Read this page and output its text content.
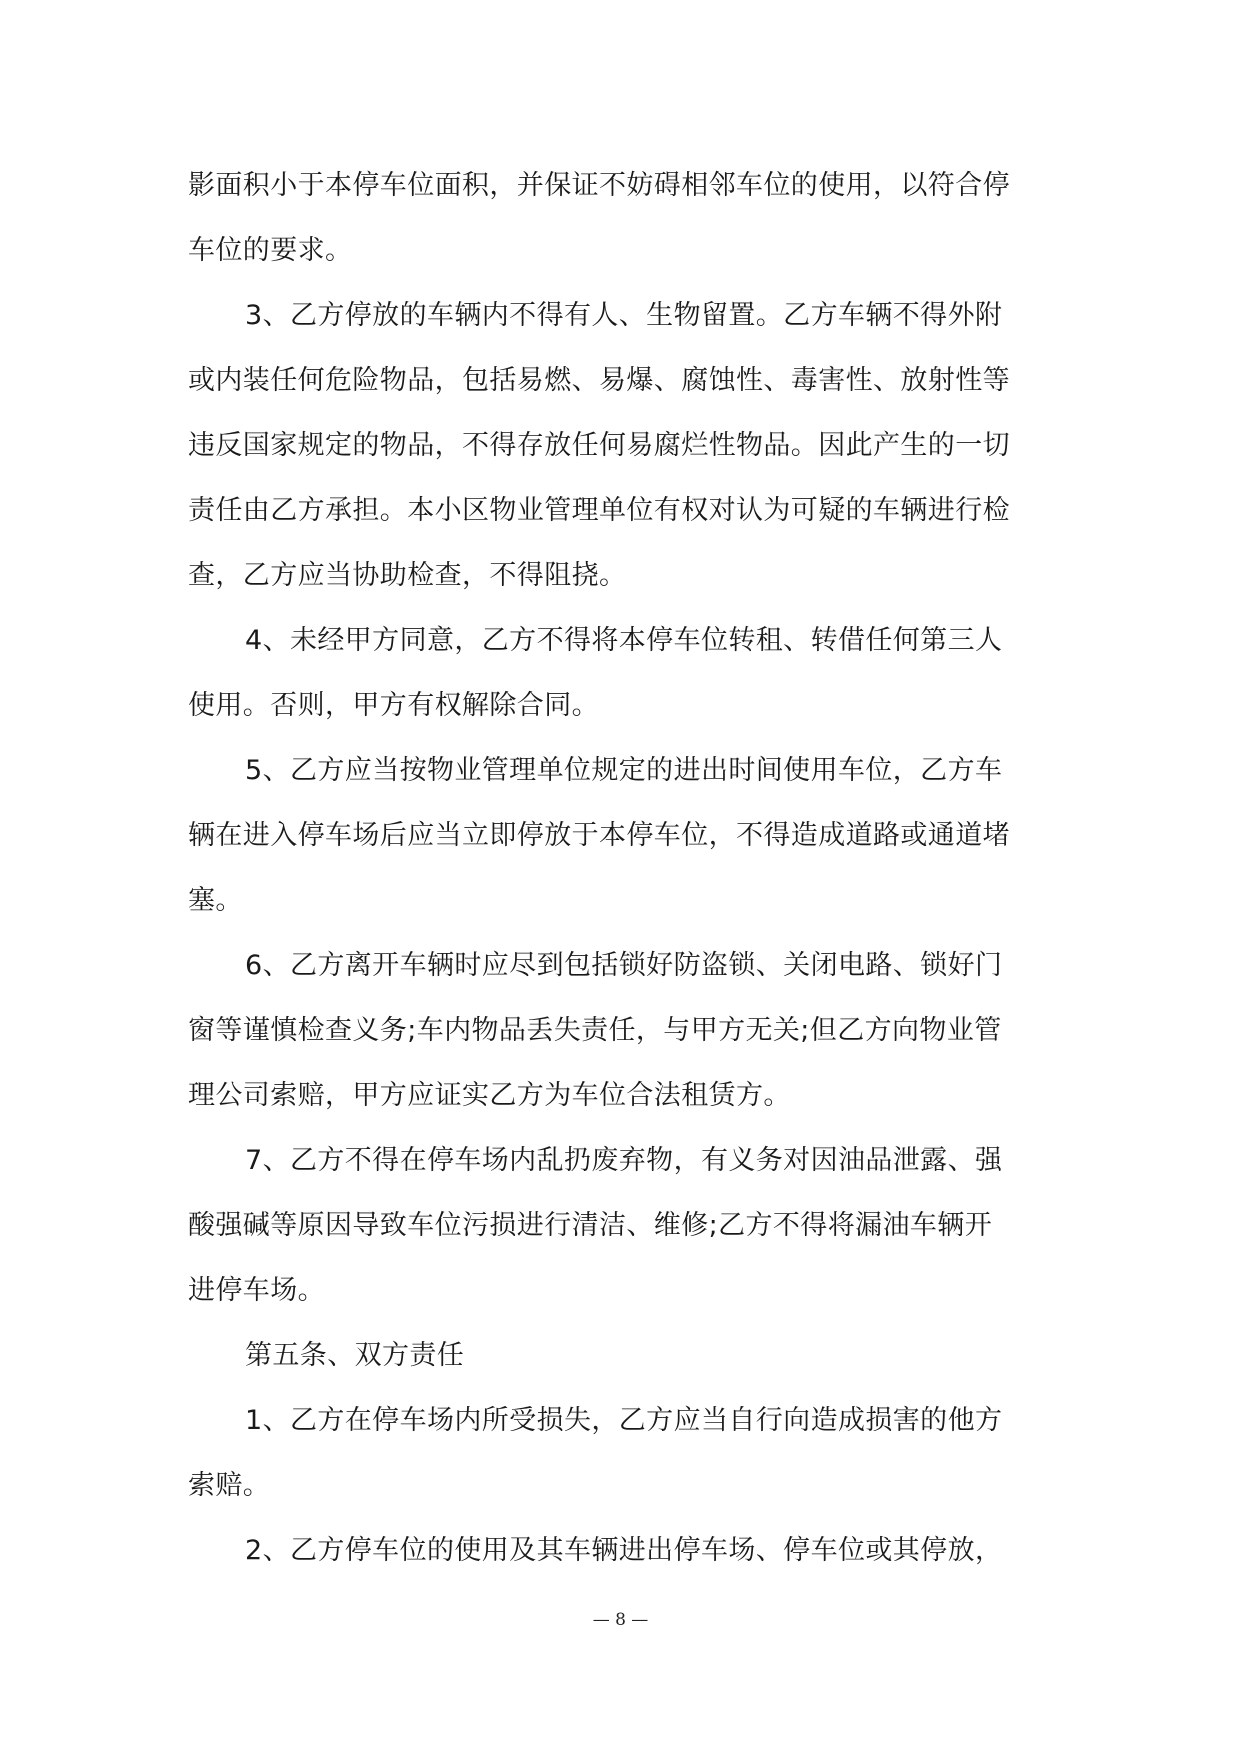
影面积小于本停车位面积，并保证不妨碍相邻车位的使用，以符合停
车位的要求。
3、乙方停放的车辆内不得有人、生物留置。乙方车辆不得外附
或内装任何危险物品，包括易燃、易爆、腐蚀性、毒害性、放射性等
违反国家规定的物品，不得存放任何易腐烂性物品。因此产生的一切
责任由乙方承担。本小区物业管理单位有权对认为可疑的车辆进行检
查，乙方应当协助检查，不得阻挠。
4、未经甲方同意，乙方不得将本停车位转租、转借任何第三人
使用。否则，甲方有权解除合同。
5、乙方应当按物业管理单位规定的进出时间使用车位，乙方车
辆在进入停车场后应当立即停放于本停车位，不得造成道路或通道堵
塞。
6、乙方离开车辆时应尽到包括锁好防盗锁、关闭电路、锁好门
窗等谨慎检查义务;车内物品丢失责任，与甲方无关;但乙方向物业管
理公司索赔，甲方应证实乙方为车位合法租赁方。
7、乙方不得在停车场内乱扔废弃物，有义务对因油品泄露、强
酸强碱等原因导致车位污损进行清洁、维修;乙方不得将漏油车辆开
进停车场。
第五条、双方责任
1、乙方在停车场内所受损失，乙方应当自行向造成损害的他方
索赔。
2、乙方停车位的使用及其车辆进出停车场、停车位或其停放，
— 8 —
